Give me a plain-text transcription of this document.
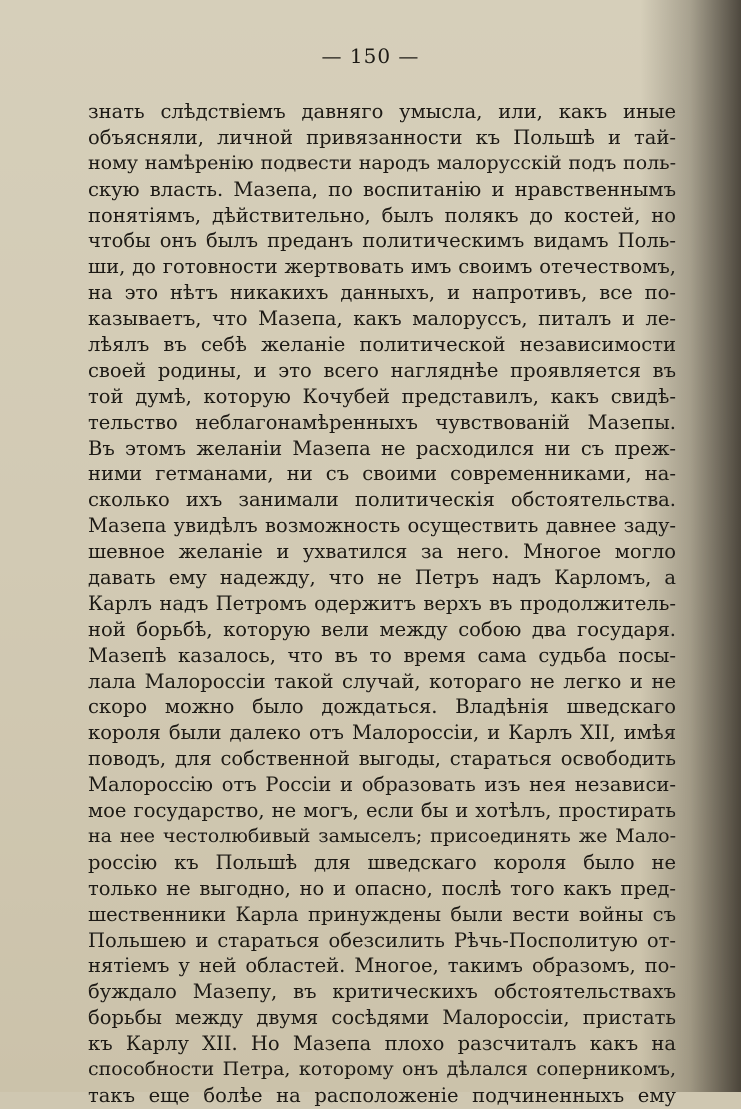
— 150 —
знать слѣдствіемъ давняго умысла, или, какъ иные
объясняли, личной привязанности къ Польшѣ и тай-
ному намѣренію подвести народъ малорусскій подъ поль-
скую власть. Мазепа, по воспитанію и нравственнымъ
понятіямъ, дѣйствительно, былъ полякъ до костей, но
чтобы онъ былъ преданъ политическимъ видамъ Поль-
ши, до готовности жертвовать имъ своимъ отечествомъ,
на это нѣтъ никакихъ данныхъ, и напротивъ, все по-
казываетъ, что Мазепа, какъ малоруссъ, питалъ и ле-
лѣялъ въ себѣ желаніе политической независимости
своей родины, и это всего нагляднѣе проявляется въ
той думѣ, которую Кочубей представилъ, какъ свидѣ-
тельство неблагонамѣренныхъ чувствованій Мазепы.
Въ этомъ желаніи Мазепа не расходился ни съ преж-
ними гетманами, ни съ своими современниками, на-
сколько ихъ занимали политическія обстоятельства.
Мазепа увидѣлъ возможность осуществить давнее заду-
шевное желаніе и ухватился за него. Многое могло
давать ему надежду, что не Петръ надъ Карломъ, а
Карлъ надъ Петромъ одержитъ верхъ въ продолжитель-
ной борьбѣ, которую вели между собою два государя.
Мазепѣ казалось, что въ то время сама судьба посы-
лала Малороссіи такой случай, котораго не легко и не
скоро можно было дождаться. Владѣнія шведскаго
короля были далеко отъ Малороссіи, и Карлъ XII, имѣя
поводъ, для собственной выгоды, стараться освободить
Малороссію отъ Россіи и образовать изъ нея независи-
мое государство, не могъ, если бы и хотѣлъ, простирать
на нее честолюбивый замыселъ; присоединять же Мало-
россію къ Польшѣ для шведскаго короля было не
только не выгодно, но и опасно, послѣ того какъ пред-
шественники Карла принуждены были вести войны съ
Польшею и стараться обезсилить Рѣчь-Посполитую от-
нятіемъ у ней областей. Многое, такимъ образомъ, по-
буждало Мазепу, въ критическихъ обстоятельствахъ
борьбы между двумя сосѣдями Малороссіи, пристать
къ Карлу XII. Но Мазепа плохо разсчиталъ какъ на
способности Петра, которому онъ дѣлался соперникомъ,
такъ еще болѣе на расположеніе подчиненныхъ ему
